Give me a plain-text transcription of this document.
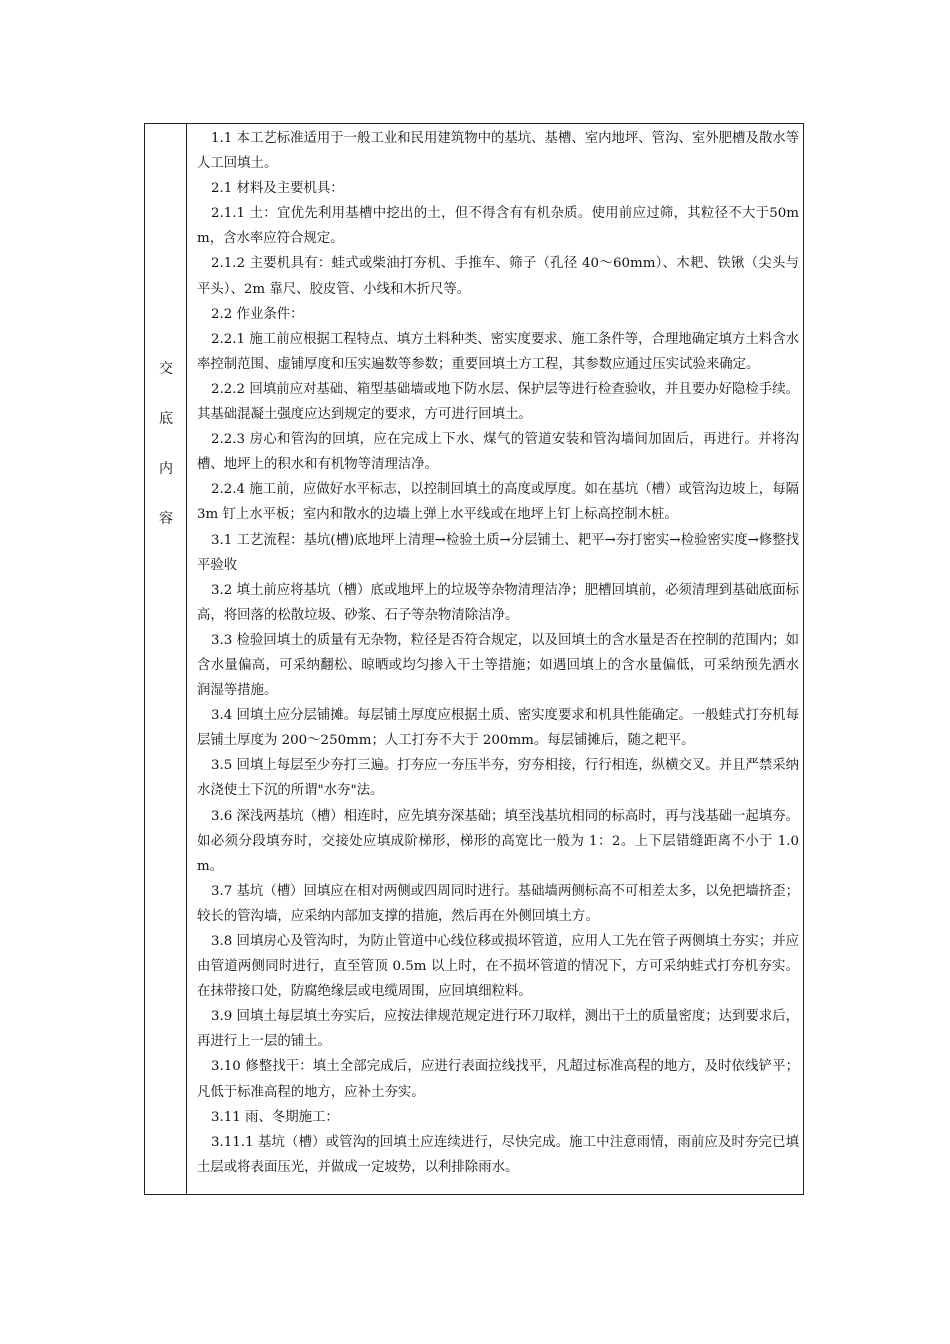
交
底
内
容

1.1 本工艺标准适用于一般工业和民用建筑物中的基坑、基槽、室内地坪、管沟、室外肥槽及散水等人工回填土。

2.1 材料及主要机具：

2.1.1 土：宜优先利用基槽中挖出的土，但不得含有有机杂质。使用前应过筛，其粒径不大于50mm，含水率应符合规定。

2.1.2 主要机具有：蛙式或柴油打夯机、手推车、筛子（孔径 40～60mm）、木耙、铁锹（尖头与平头）、2m 靠尺、胶皮管、小线和木折尺等。

2.2 作业条件：

2.2.1 施工前应根据工程特点、填方土料种类、密实度要求、施工条件等，合理地确定填方土料含水率控制范围、虚铺厚度和压实遍数等参数；重要回填土方工程，其参数应通过压实试验来确定。

2.2.2 回填前应对基础、箱型基础墙或地下防水层、保护层等进行检查验收，并且要办好隐检手续。其基础混凝土强度应达到规定的要求，方可进行回填土。

2.2.3 房心和管沟的回填，应在完成上下水、煤气的管道安装和管沟墙间加固后，再进行。并将沟槽、地坪上的积水和有机物等清理洁净。

2.2.4 施工前，应做好水平标志，以控制回填土的高度或厚度。如在基坑（槽）或管沟边坡上，每隔 3m 钉上水平板；室内和散水的边墙上弹上水平线或在地坪上钉上标高控制木桩。

3.1 工艺流程：基坑(槽)底地坪上清理→检验土质→分层铺土、耙平→夯打密实→检验密实度→修整找平验收

3.2 填土前应将基坑（槽）底或地坪上的垃圾等杂物清理洁净；肥槽回填前，必须清理到基础底面标高，将回落的松散垃圾、砂浆、石子等杂物清除洁净。

3.3 检验回填土的质量有无杂物，粒径是否符合规定，以及回填土的含水量是否在控制的范围内；如含水量偏高，可采纳翻松、晾晒或均匀掺入干土等措施；如遇回填上的含水量偏低，可采纳预先洒水润湿等措施。

3.4 回填土应分层铺摊。每层铺土厚度应根据土质、密实度要求和机具性能确定。一般蛙式打夯机每层铺土厚度为 200～250mm；人工打夯不大于 200mm。每层铺摊后，随之耙平。

3.5 回填上每层至少夯打三遍。打夯应一夯压半夯，穷夯相接，行行相连，纵横交叉。并且严禁采纳水浇使土下沉的所谓"水夯"法。

3.6 深浅两基坑（槽）相连时，应先填夯深基础；填至浅基坑相同的标高时，再与浅基础一起填夯。如必须分段填夯时，交接处应填成阶梯形，梯形的高宽比一般为 1：2。上下层错缝距离不小于 1.0m。

3.7 基坑（槽）回填应在相对两侧或四周同时进行。基础墙两侧标高不可相差太多，以免把墙挤歪；较长的管沟墙，应采纳内部加支撑的措施，然后再在外侧回填土方。

3.8 回填房心及管沟时，为防止管道中心线位移或损坏管道，应用人工先在管子两侧填土夯实；并应由管道两侧同时进行，直至管顶 0.5m 以上时，在不损坏管道的情况下，方可采纳蛙式打夯机夯实。在抹带接口处，防腐绝缘层或电缆周围，应回填细粒料。

3.9 回填土每层填土夯实后，应按法律规范规定进行环刀取样，测出干土的质量密度；达到要求后，再进行上一层的铺土。

3.10 修整找干：填土全部完成后，应进行表面拉线找平，凡超过标准高程的地方，及时依线铲平；凡低于标准高程的地方，应补土夯实。

3.11 雨、冬期施工：

3.11.1 基坑（槽）或管沟的回填土应连续进行，尽快完成。施工中注意雨情，雨前应及时夯完已填土层或将表面压光，并做成一定坡势，以利排除雨水。
